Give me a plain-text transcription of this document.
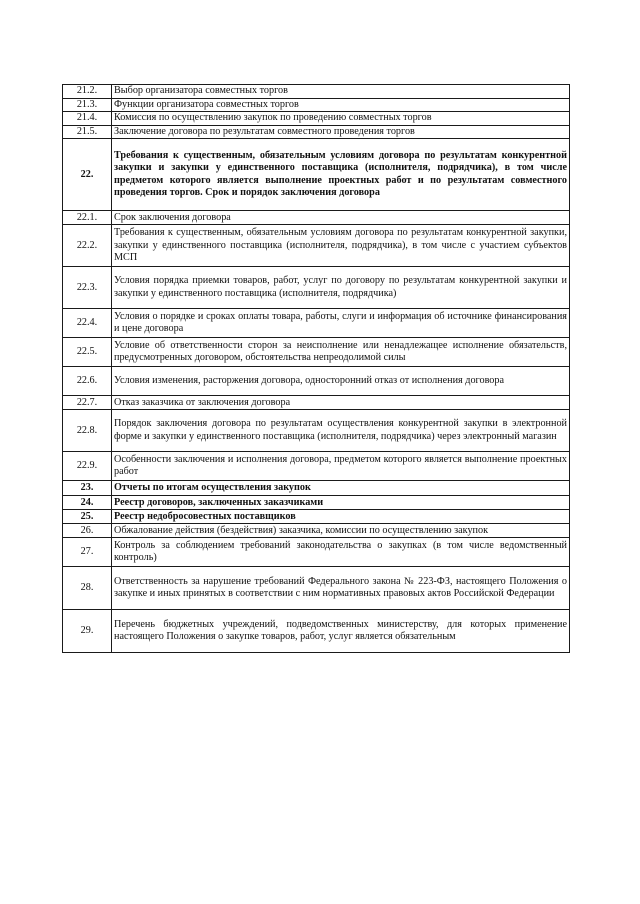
21.2.	Выбор организатора совместных торгов
21.3.	Функции организатора совместных торгов
21.4.	Комиссия по осуществлению закупок по проведению совместных торгов
21.5.	Заключение договора по результатам совместного проведения торгов
22.	Требования к существенным, обязательным условиям договора по результатам конкурентной закупки и закупки у единственного поставщика (исполнителя, подрядчика), в том числе предметом которого является выполнение проектных работ и по результатам совместного проведения торгов. Срок и порядок заключения договора
22.1.	Срок заключения договора
22.2.	Требования к существенным, обязательным условиям договора по результатам конкурентной закупки, закупки у единственного поставщика (исполнителя, подрядчика), в том числе с участием субъектов МСП
22.3.	Условия порядка приемки товаров, работ, услуг по договору по результатам конкурентной закупки и закупки у единственного поставщика (исполнителя, подрядчика)
22.4.	Условия о порядке и сроках оплаты товара, работы, слуги и информация об источнике финансирования и цене договора
22.5.	Условие об ответственности сторон за неисполнение или ненадлежащее исполнение обязательств, предусмотренных договором, обстоятельства непреодолимой силы
22.6.	Условия изменения, расторжения договора, односторонний отказ от исполнения договора
22.7.	Отказ заказчика от заключения договора
22.8.	Порядок заключения договора по результатам осуществления конкурентной закупки в электронной форме и закупки у единственного поставщика (исполнителя, подрядчика) через электронный магазин
22.9.	Особенности заключения и исполнения договора, предметом которого является выполнение проектных работ
23.	Отчеты по итогам осуществления закупок
24.	Реестр договоров, заключенных заказчиками
25.	Реестр недобросовестных поставщиков
26.	Обжалование действия (бездействия) заказчика, комиссии по осуществлению закупок
27.	Контроль за соблюдением требований законодательства о закупках (в том числе ведомственный контроль)
28.	Ответственность за нарушение требований Федерального закона № 223-ФЗ, настоящего Положения о закупке и иных принятых в соответствии с ним нормативных правовых актов Российской Федерации
29.	Перечень бюджетных учреждений, подведомственных министерству, для которых применение настоящего Положения о закупке товаров, работ, услуг является обязательным
